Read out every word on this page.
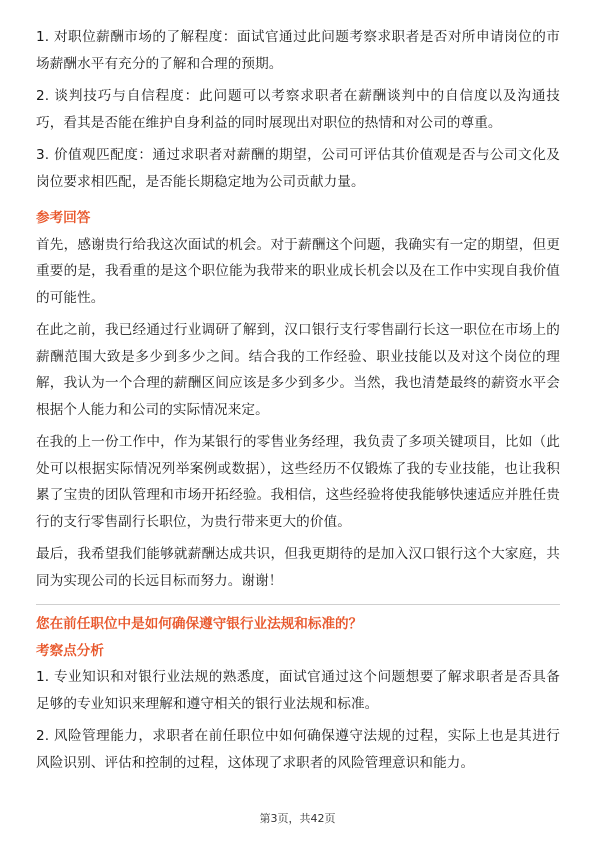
1. 对职位薪酬市场的了解程度：面试官通过此问题考察求职者是否对所申请岗位的市场薪酬水平有充分的了解和合理的预期。

2. 谈判技巧与自信程度：此问题可以考察求职者在薪酬谈判中的自信度以及沟通技巧，看其是否能在维护自身利益的同时展现出对职位的热情和对公司的尊重。

3. 价值观匹配度：通过求职者对薪酬的期望，公司可评估其价值观是否与公司文化及岗位要求相匹配，是否能长期稳定地为公司贡献力量。

参考回答

首先，感谢贵行给我这次面试的机会。对于薪酬这个问题，我确实有一定的期望，但更重要的是，我看重的是这个职位能为我带来的职业成长机会以及在工作中实现自我价值的可能性。

在此之前，我已经通过行业调研了解到，汉口银行支行零售副行长这一职位在市场上的薪酬范围大致是多少到多少之间。结合我的工作经验、职业技能以及对这个岗位的理解，我认为一个合理的薪酬区间应该是多少到多少。当然，我也清楚最终的薪资水平会根据个人能力和公司的实际情况来定。

在我的上一份工作中，作为某银行的零售业务经理，我负责了多项关键项目，比如（此处可以根据实际情况列举案例或数据），这些经历不仅锻炼了我的专业技能，也让我积累了宝贵的团队管理和市场开拓经验。我相信，这些经验将使我能够快速适应并胜任贵行的支行零售副行长职位，为贵行带来更大的价值。

最后，我希望我们能够就薪酬达成共识，但我更期待的是加入汉口银行这个大家庭，共同为实现公司的长远目标而努力。谢谢！

您在前任职位中是如何确保遵守银行业法规和标准的？

考察点分析

1. 专业知识和对银行业法规的熟悉度，面试官通过这个问题想要了解求职者是否具备足够的专业知识来理解和遵守相关的银行业法规和标准。

2. 风险管理能力，求职者在前任职位中如何确保遵守法规的过程，实际上也是其进行风险识别、评估和控制的过程，这体现了求职者的风险管理意识和能力。

第3页，共42页
